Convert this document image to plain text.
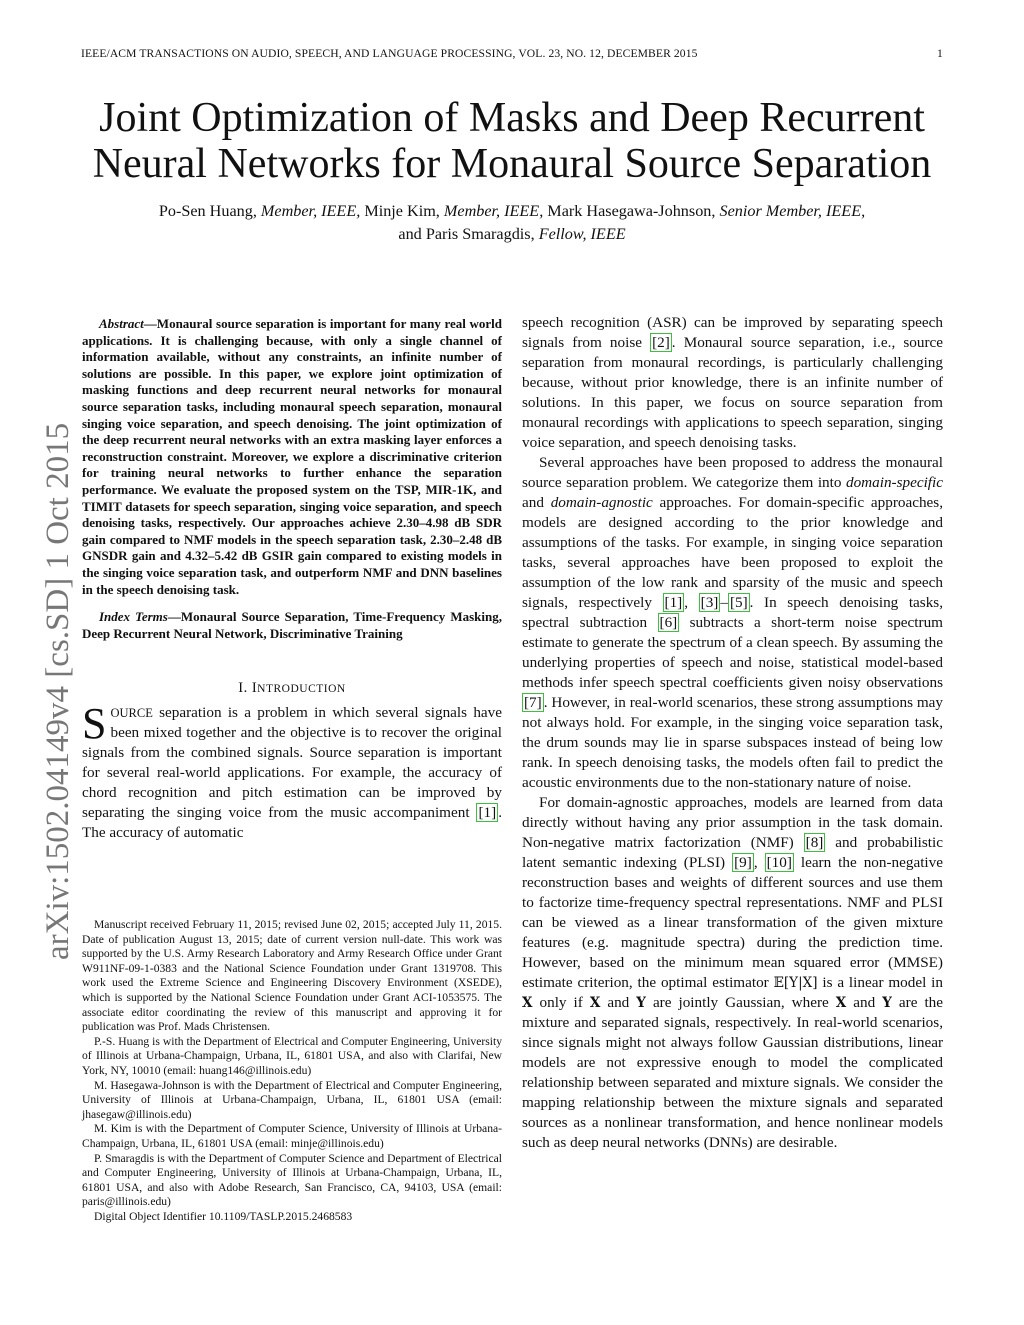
IEEE/ACM TRANSACTIONS ON AUDIO, SPEECH, AND LANGUAGE PROCESSING, VOL. 23, NO. 12, DECEMBER 2015	1
arXiv:1502.04149v4 [cs.SD] 1 Oct 2015
Joint Optimization of Masks and Deep Recurrent
Neural Networks for Monaural Source Separation
Po-Sen Huang, Member, IEEE, Minje Kim, Member, IEEE, Mark Hasegawa-Johnson, Senior Member, IEEE,
and Paris Smaragdis, Fellow, IEEE

Abstract—Monaural source separation is important for many real world applications. It is challenging because, with only a single channel of information available, without any constraints, an infinite number of solutions are possible. In this paper, we explore joint optimization of masking functions and deep recurrent neural networks for monaural source separation tasks, including monaural speech separation, monaural singing voice separation, and speech denoising. The joint optimization of the deep recurrent neural networks with an extra masking layer enforces a reconstruction constraint. Moreover, we explore a discriminative criterion for training neural networks to further enhance the separation performance. We evaluate the proposed system on the TSP, MIR-1K, and TIMIT datasets for speech separation, singing voice separation, and speech denoising tasks, respectively. Our approaches achieve 2.30–4.98 dB SDR gain compared to NMF models in the speech separation task, 2.30–2.48 dB GNSDR gain and 4.32–5.42 dB GSIR gain compared to existing models in the singing voice separation task, and outperform NMF and DNN baselines in the speech denoising task.

Index Terms—Monaural Source Separation, Time-Frequency Masking, Deep Recurrent Neural Network, Discriminative Training

I. INTRODUCTION

SOURCE separation is a problem in which several signals have been mixed together and the objective is to recover the original signals from the combined signals. Source separation is important for several real-world applications. For example, the accuracy of chord recognition and pitch estimation can be improved by separating the singing voice from the music accompaniment [1] . The accuracy of automatic

Manuscript received February 11, 2015; revised June 02, 2015; accepted July 11, 2015. Date of publication August 13, 2015; date of current version null-date. This work was supported by the U.S. Army Research Laboratory and Army Research Office under Grant W911NF-09-1-0383 and the National Science Foundation under Grant 1319708. This work used the Extreme Science and Engineering Discovery Environment (XSEDE), which is supported by the National Science Foundation under Grant ACI-1053575. The associate editor coordinating the review of this manuscript and approving it for publication was Prof. Mads Christensen.

P.-S. Huang is with the Department of Electrical and Computer Engineering, University of Illinois at Urbana-Champaign, Urbana, IL, 61801 USA, and also with Clarifai, New York, NY, 10010 (email: huang146@illinois.edu)

M. Hasegawa-Johnson is with the Department of Electrical and Computer Engineering, University of Illinois at Urbana-Champaign, Urbana, IL, 61801 USA (email: jhasegaw@illinois.edu)

M. Kim is with the Department of Computer Science, University of Illinois at Urbana-Champaign, Urbana, IL, 61801 USA (email: minje@illinois.edu)

P. Smaragdis is with the Department of Computer Science and Department of Electrical and Computer Engineering, University of Illinois at Urbana-Champaign, Urbana, IL, 61801 USA, and also with Adobe Research, San Francisco, CA, 94103, USA (email: paris@illinois.edu)

Digital Object Identifier 10.1109/TASLP.2015.2468583

speech recognition (ASR) can be improved by separating speech signals from noise [2] . Monaural source separation, i.e., source separation from monaural recordings, is particularly challenging because, without prior knowledge, there is an infinite number of solutions. In this paper, we focus on source separation from monaural recordings with applications to speech separation, singing voice separation, and speech denoising tasks.

Several approaches have been proposed to address the monaural source separation problem. We categorize them into domain-specific and domain-agnostic approaches. For domain-specific approaches, models are designed according to the prior knowledge and assumptions of the tasks. For example, in singing voice separation tasks, several approaches have been proposed to exploit the assumption of the low rank and sparsity of the music and speech signals, respectively [1] , [3] – [5] . In speech denoising tasks, spectral subtraction [6] subtracts a short-term noise spectrum estimate to generate the spectrum of a clean speech. By assuming the underlying properties of speech and noise, statistical model-based methods infer speech spectral coefficients given noisy observations [7] . However, in real-world scenarios, these strong assumptions may not always hold. For example, in the singing voice separation task, the drum sounds may lie in sparse subspaces instead of being low rank. In speech denoising tasks, the models often fail to predict the acoustic environments due to the non-stationary nature of noise.

For domain-agnostic approaches, models are learned from data directly without having any prior assumption in the task domain. Non-negative matrix factorization (NMF) [8] and probabilistic latent semantic indexing (PLSI) [9] , [10] learn the non-negative reconstruction bases and weights of different sources and use them to factorize time-frequency spectral representations. NMF and PLSI can be viewed as a linear transformation of the given mixture features (e.g. magnitude spectra) during the prediction time. However, based on the minimum mean squared error (MMSE) estimate criterion, the optimal estimator 𝔼[Y|X] is a linear model in X only if X and Y are jointly Gaussian, where X and Y are the mixture and separated signals, respectively. In real-world scenarios, since signals might not always follow Gaussian distributions, linear models are not expressive enough to model the complicated relationship between separated and mixture signals. We consider the mapping relationship between the mixture signals and separated sources as a nonlinear transformation, and hence nonlinear models such as deep neural networks (DNNs) are desirable.
